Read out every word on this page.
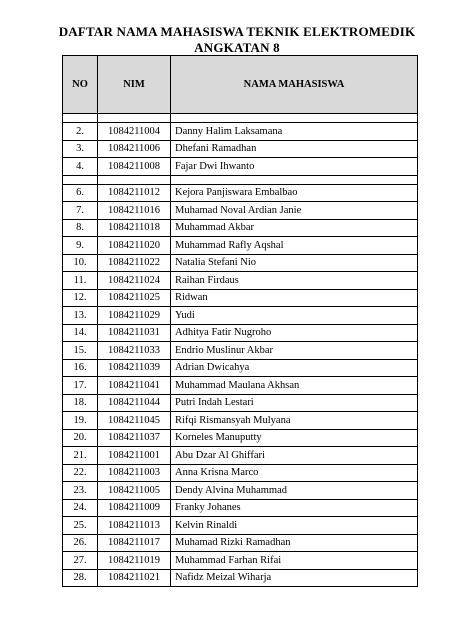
DAFTAR NAMA MAHASISWA TEKNIK ELEKTROMEDIK
ANGKATAN 8
NO	NIM	NAMA MAHASISWA

2.	1084211004	Danny Halim Laksamana
3.	1084211006	Dhefani Ramadhan
4.	1084211008	Fajar Dwi Ihwanto

6.	1084211012	Kejora Panjiswara Embalbao
7.	1084211016	Muhamad Noval Ardian Janie
8.	1084211018	Muhammad Akbar
9.	1084211020	Muhammad Rafly Aqshal
10.	1084211022	Natalia Stefani Nio
11.	1084211024	Raihan Firdaus
12.	1084211025	Ridwan
13.	1084211029	Yudi
14.	1084211031	Adhitya Fatir Nugroho
15.	1084211033	Endrio Muslinur Akbar
16.	1084211039	Adrian Dwicahya
17.	1084211041	Muhammad Maulana Akhsan
18.	1084211044	Putri Indah Lestari
19.	1084211045	Rifqi Rismansyah Mulyana
20.	1084211037	Korneles Manuputty
21.	1084211001	Abu Dzar Al Ghiffari
22.	1084211003	Anna Krisna Marco
23.	1084211005	Dendy Alvina Muhammad
24.	1084211009	Franky Johanes
25.	1084211013	Kelvin Rinaldi
26.	1084211017	Muhamad Rizki Ramadhan
27.	1084211019	Muhammad Farhan Rifai
28.	1084211021	Nafidz Meizal Wiharja
